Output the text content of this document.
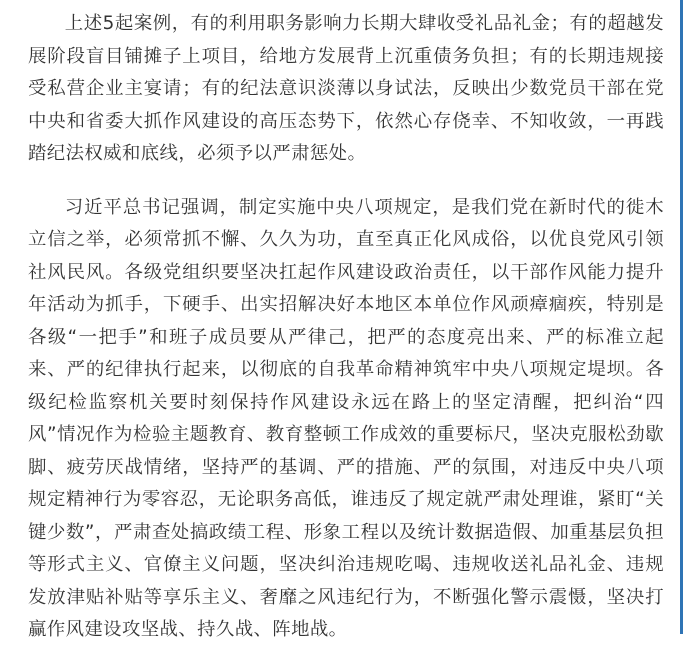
上述5起案例，有的利用职务影响力长期大肆收受礼品礼金；有的超越发展阶段盲目铺摊子上项目，给地方发展背上沉重债务负担；有的长期违规接受私营企业主宴请；有的纪法意识淡薄以身试法，反映出少数党员干部在党中央和省委大抓作风建设的高压态势下，依然心存侥幸、不知收敛，一再践踏纪法权威和底线，必须予以严肃惩处。

习近平总书记强调，制定实施中央八项规定，是我们党在新时代的徙木立信之举，必须常抓不懈、久久为功，直至真正化风成俗，以优良党风引领社风民风。各级党组织要坚决扛起作风建设政治责任，以干部作风能力提升年活动为抓手，下硬手、出实招解决好本地区本单位作风顽瘴痼疾，特别是各级“一把手”和班子成员要从严律己，把严的态度亮出来、严的标准立起来、严的纪律执行起来，以彻底的自我革命精神筑牢中央八项规定堤坝。各级纪检监察机关要时刻保持作风建设永远在路上的坚定清醒，把纠治“四风”情况作为检验主题教育、教育整顿工作成效的重要标尺，坚决克服松劲歇脚、疲劳厌战情绪，坚持严的基调、严的措施、严的氛围，对违反中央八项规定精神行为零容忍，无论职务高低，谁违反了规定就严肃处理谁，紧盯“关键少数”，严肃查处搞政绩工程、形象工程以及统计数据造假、加重基层负担等形式主义、官僚主义问题，坚决纠治违规吃喝、违规收送礼品礼金、违规发放津贴补贴等享乐主义、奢靡之风违纪行为，不断强化警示震慑，坚决打赢作风建设攻坚战、持久战、阵地战。
